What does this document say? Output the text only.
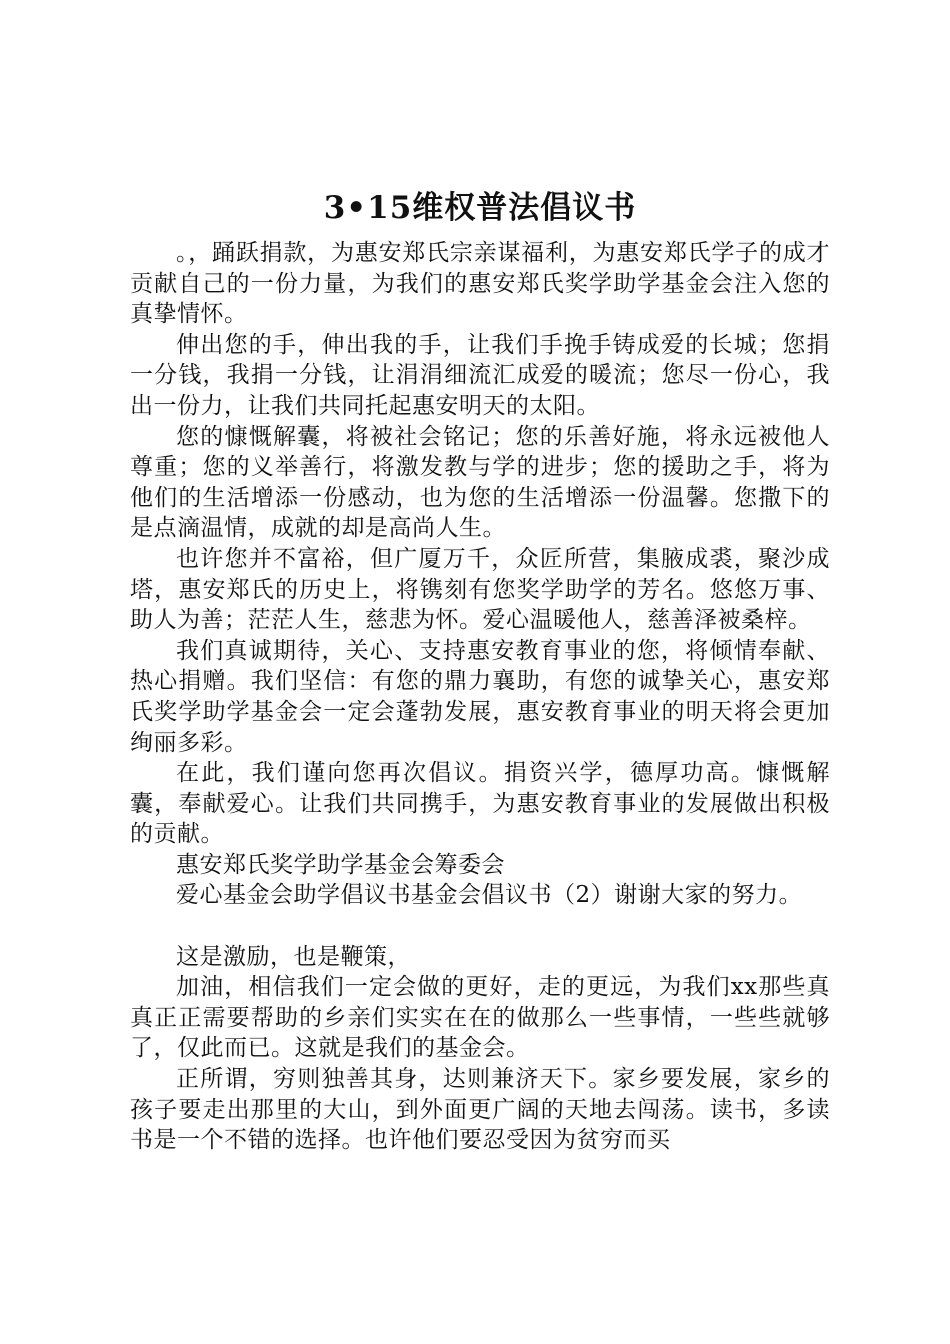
3•15维权普法倡议书

。，踊跃捐款，为惠安郑氏宗亲谋福利，为惠安郑氏学子的成才贡献自己的一份力量，为我们的惠安郑氏奖学助学基金会注入您的真挚情怀。

伸出您的手，伸出我的手，让我们手挽手铸成爱的长城；您捐一分钱，我捐一分钱，让涓涓细流汇成爱的暖流；您尽一份心，我出一份力，让我们共同托起惠安明天的太阳。

您的慷慨解囊，将被社会铭记；您的乐善好施，将永远被他人尊重；您的义举善行，将激发教与学的进步；您的援助之手，将为他们的生活增添一份感动，也为您的生活增添一份温馨。您撒下的是点滴温情，成就的却是高尚人生。

也许您并不富裕，但广厦万千，众匠所营，集腋成裘，聚沙成塔，惠安郑氏的历史上，将镌刻有您奖学助学的芳名。悠悠万事、助人为善；茫茫人生，慈悲为怀。爱心温暖他人，慈善泽被桑梓。

我们真诚期待，关心、支持惠安教育事业的您，将倾情奉献、热心捐赠。我们坚信：有您的鼎力襄助，有您的诚挚关心，惠安郑氏奖学助学基金会一定会蓬勃发展，惠安教育事业的明天将会更加绚丽多彩。

在此，我们谨向您再次倡议。捐资兴学，德厚功高。慷慨解囊，奉献爱心。让我们共同携手，为惠安教育事业的发展做出积极的贡献。

惠安郑氏奖学助学基金会筹委会

爱心基金会助学倡议书基金会倡议书（2）谢谢大家的努力。

这是激励，也是鞭策，

加油，相信我们一定会做的更好，走的更远，为我们xx那些真真正正需要帮助的乡亲们实实在在的做那么一些事情，一些些就够了，仅此而已。这就是我们的基金会。

正所谓，穷则独善其身，达则兼济天下。家乡要发展，家乡的孩子要走出那里的大山，到外面更广阔的天地去闯荡。读书，多读书是一个不错的选择。也许他们要忍受因为贫穷而买
